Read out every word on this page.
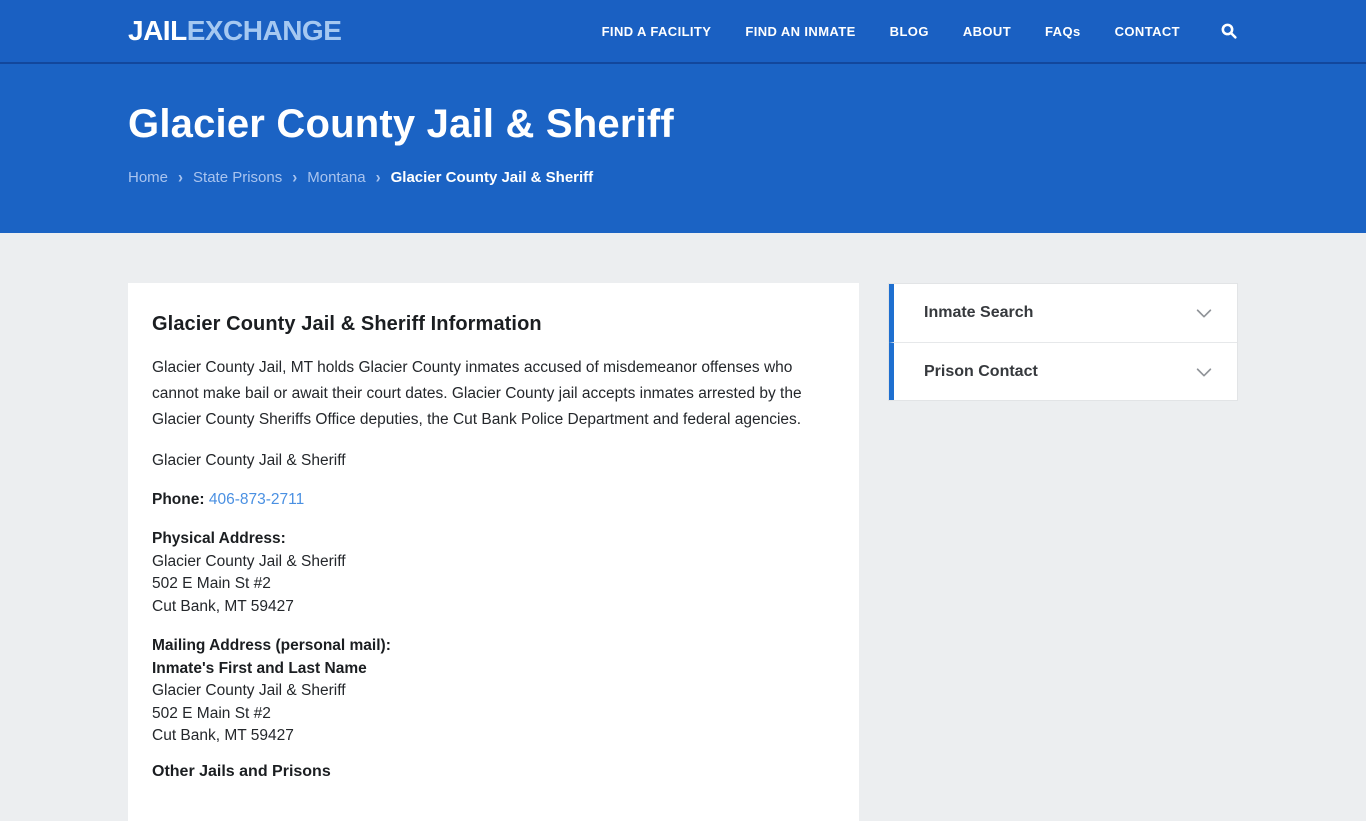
JAILEXCHANGE	FIND A FACILITY	FIND AN INMATE	BLOG	ABOUT	FAQs	CONTACT
Glacier County Jail & Sheriff
Home › State Prisons › Montana › Glacier County Jail & Sheriff
Glacier County Jail & Sheriff Information

Glacier County Jail, MT holds Glacier County inmates accused of misdemeanor offenses who cannot make bail or await their court dates. Glacier County jail accepts inmates arrested by the Glacier County Sheriffs Office deputies, the Cut Bank Police Department and federal agencies.

Glacier County Jail & Sheriff

Phone: 406-873-2711

Physical Address:
Glacier County Jail & Sheriff
502 E Main St #2
Cut Bank, MT 59427
Mailing Address (personal mail):
Inmate's First and Last Name
Glacier County Jail & Sheriff
502 E Main St #2
Cut Bank, MT 59427
Other Jails and Prisons
Inmate Search
Prison Contact
